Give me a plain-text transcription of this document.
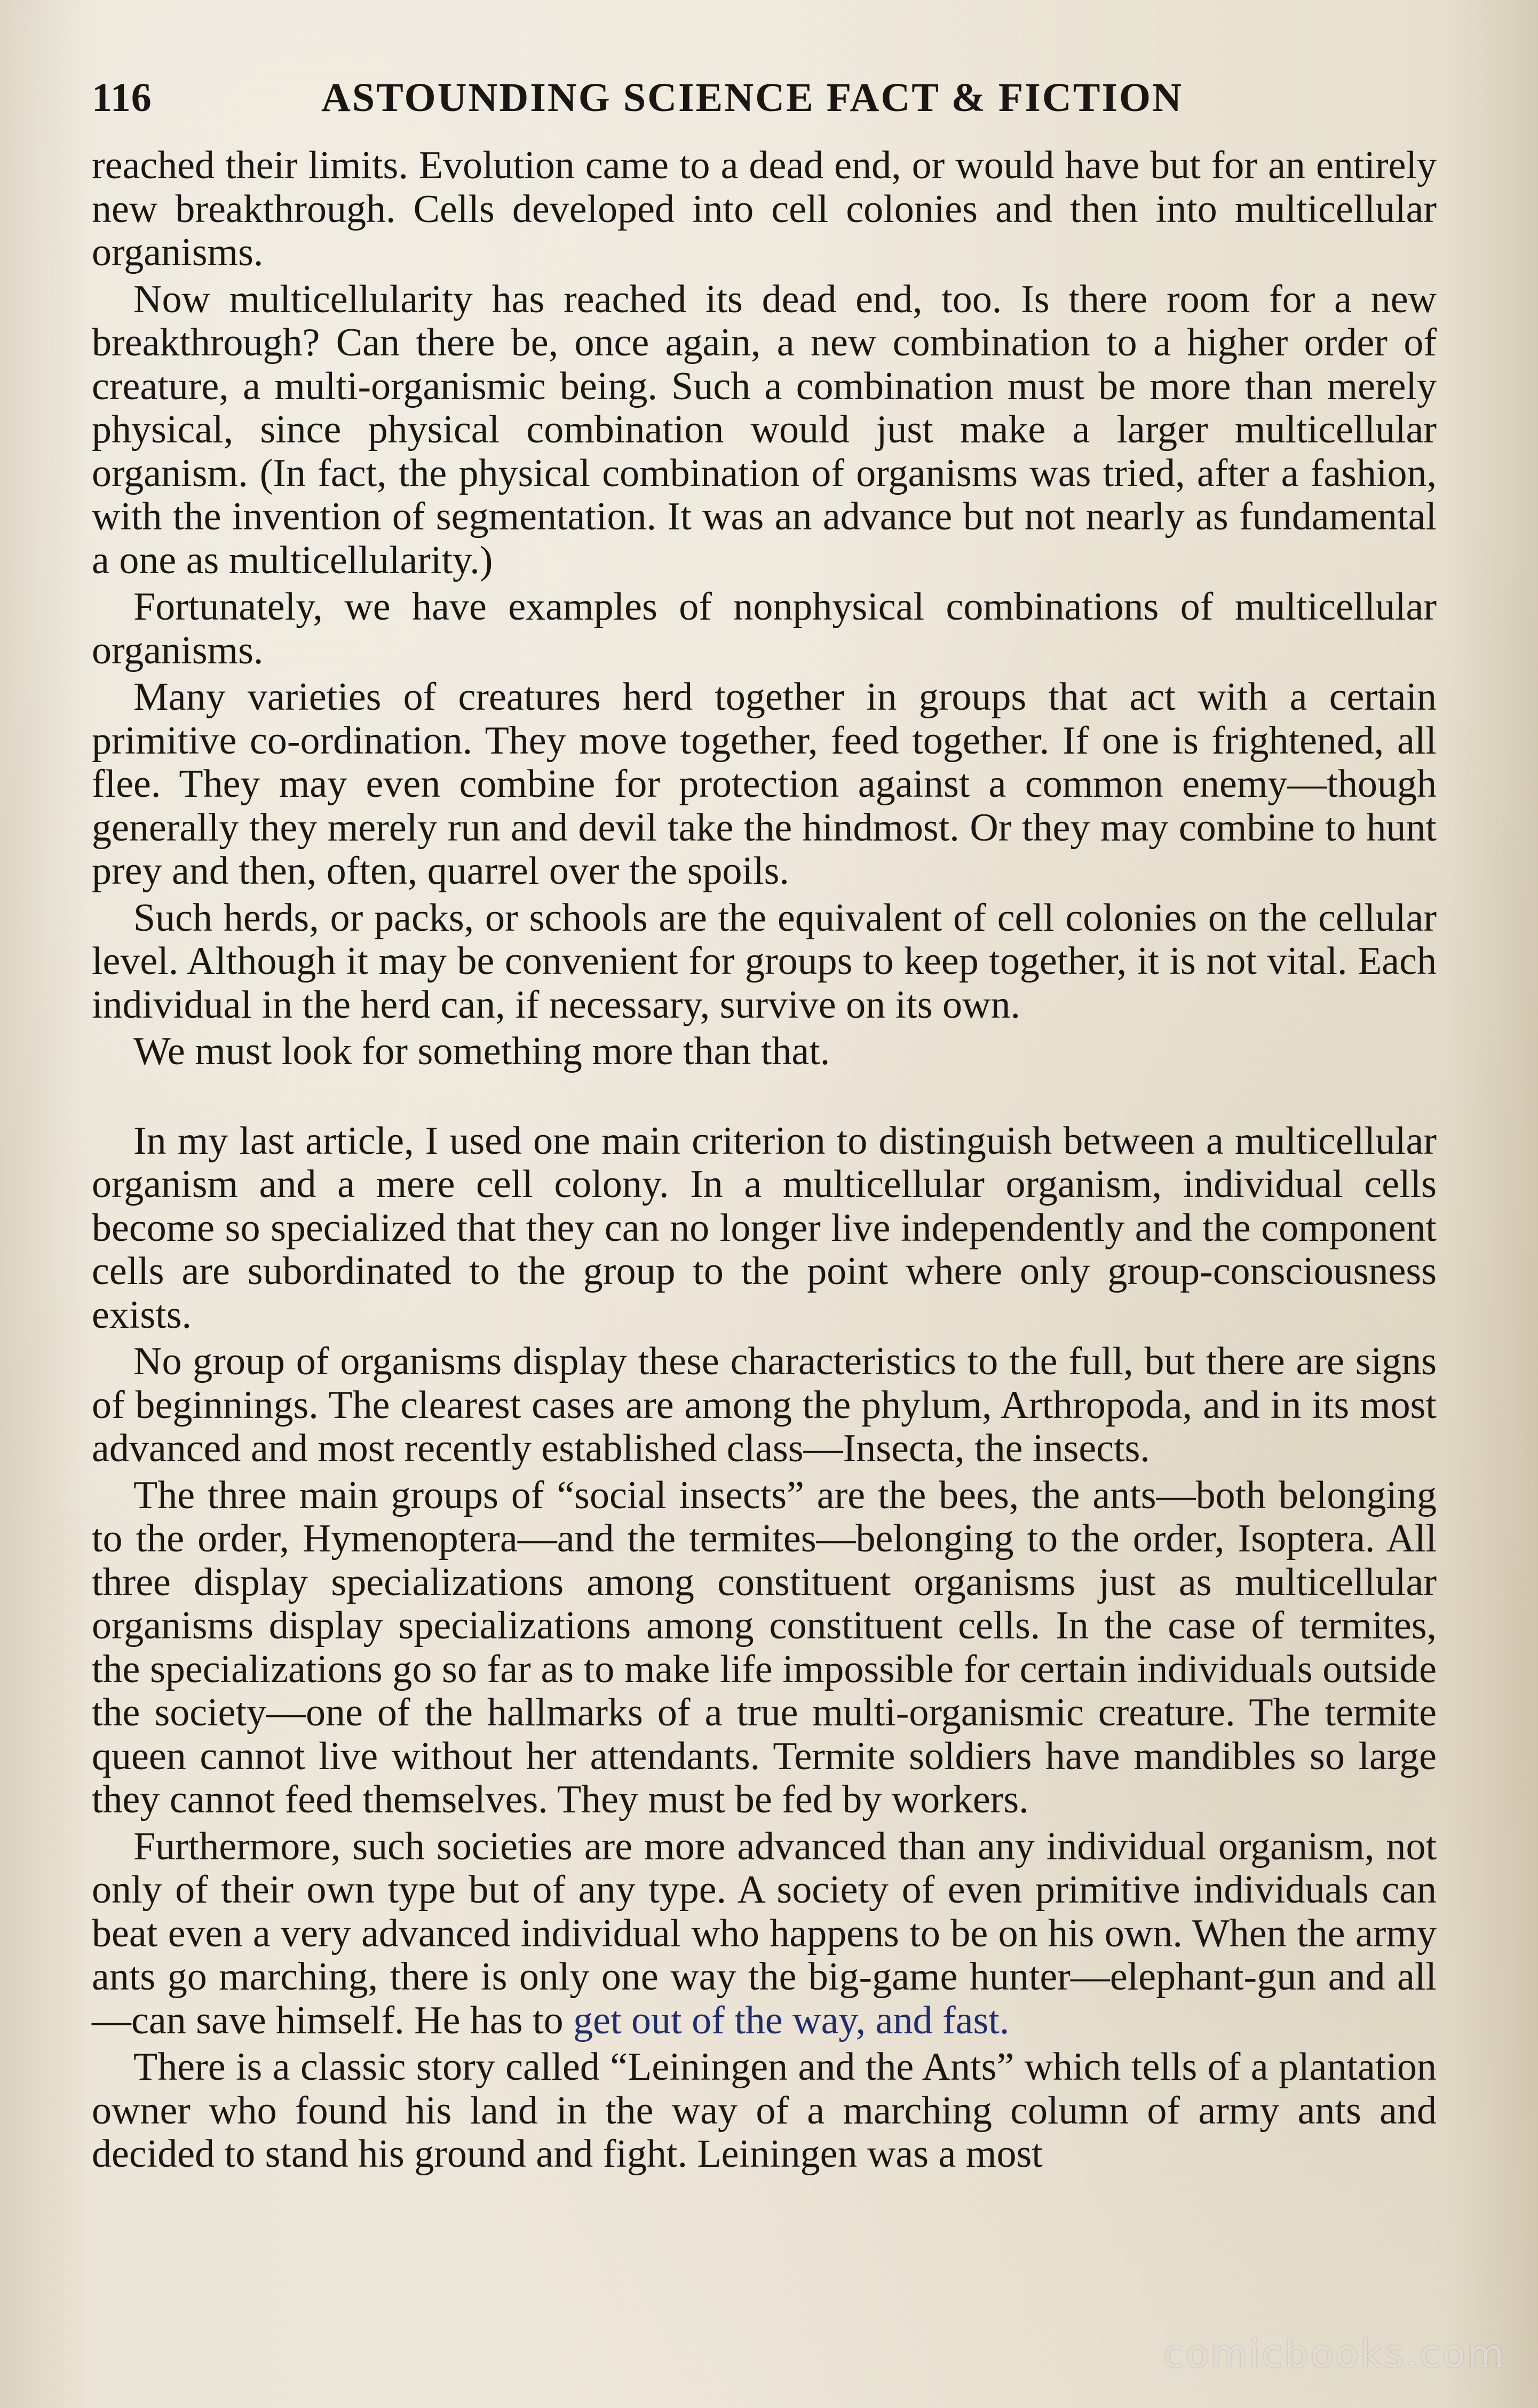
116	ASTOUNDING SCIENCE FACT & FICTION

reached their limits. Evolution came to a dead end, or would have but for an entirely new breakthrough. Cells developed into cell colonies and then into multicellular organisms.

Now multicellularity has reached its dead end, too. Is there room for a new breakthrough? Can there be, once again, a new combination to a higher order of creature, a multi-organismic being. Such a combination must be more than merely physical, since physical combination would just make a larger multicellular organism. (In fact, the physical combination of organisms was tried, after a fashion, with the invention of segmentation. It was an advance but not nearly as fundamental a one as multicellularity.)

Fortunately, we have examples of nonphysical combinations of multicellular organisms.

Many varieties of creatures herd together in groups that act with a certain primitive co-ordination. They move together, feed together. If one is frightened, all flee. They may even combine for protection against a common enemy—though generally they merely run and devil take the hindmost. Or they may combine to hunt prey and then, often, quarrel over the spoils.

Such herds, or packs, or schools are the equivalent of cell colonies on the cellular level. Although it may be convenient for groups to keep together, it is not vital. Each individual in the herd can, if necessary, survive on its own.

We must look for something more than that.

In my last article, I used one main criterion to distinguish between a multicellular organism and a mere cell colony. In a multicellular organism, individual cells become so specialized that they can no longer live independently and the component cells are subordinated to the group to the point where only group-consciousness exists.

No group of organisms display these characteristics to the full, but there are signs of beginnings. The clearest cases are among the phylum, Arthropoda, and in its most advanced and most recently established class—Insecta, the insects.

The three main groups of “social insects” are the bees, the ants—both belonging to the order, Hymenoptera—and the termites—belonging to the order, Isoptera. All three display specializations among constituent organisms just as multicellular organisms display specializations among constituent cells. In the case of termites, the specializations go so far as to make life impossible for certain individuals outside the society—one of the hallmarks of a true multi-organismic creature. The termite queen cannot live without her attendants. Termite soldiers have mandibles so large they cannot feed themselves. They must be fed by workers.

Furthermore, such societies are more advanced than any individual organism, not only of their own type but of any type. A society of even primitive individuals can beat even a very advanced individual who happens to be on his own. When the army ants go marching, there is only one way the big-game hunter—elephant-gun and all—can save himself. He has to get out of the way, and fast.

There is a classic story called “Leiningen and the Ants” which tells of a plantation owner who found his land in the way of a marching column of army ants and decided to stand his ground and fight. Leiningen was a most

comicbooks.com
